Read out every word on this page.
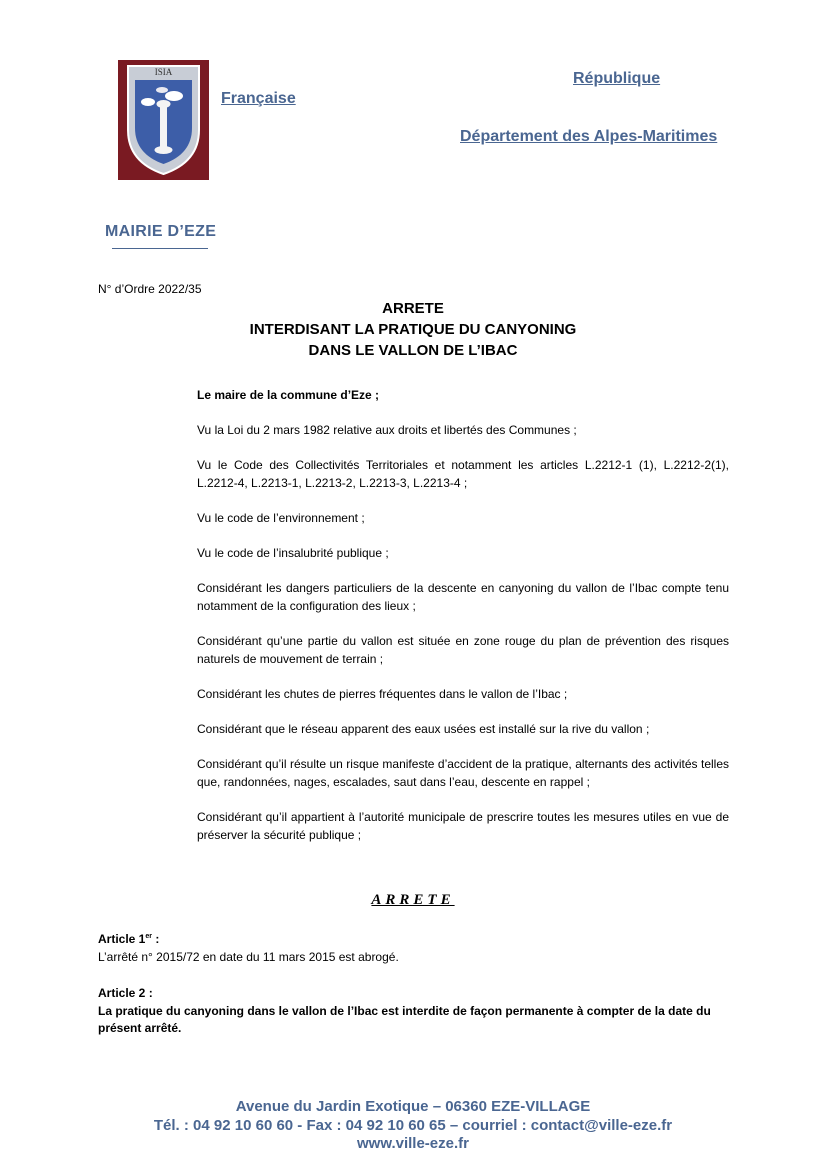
ISIA	République
Française
Département des Alpes-Maritimes
MAIRIE D’EZE
N° d’Ordre 2022/35
ARRETE
INTERDISANT LA PRATIQUE DU CANYONING
DANS LE VALLON DE L’IBAC

Le maire de la commune d’Eze ;

Vu la Loi du 2 mars 1982 relative aux droits et libertés des Communes ;

Vu le Code des Collectivités Territoriales et notamment les articles L.2212-1 (1), L.2212-2(1), L.2212-4, L.2213-1, L.2213-2, L.2213-3, L.2213-4 ;

Vu le code de l’environnement ;

Vu le code de l’insalubrité publique ;

Considérant les dangers particuliers de la descente en canyoning du vallon de l’Ibac compte tenu notamment de la configuration des lieux ;

Considérant qu’une partie du vallon est située en zone rouge du plan de prévention des risques naturels de mouvement de terrain ;

Considérant les chutes de pierres fréquentes dans le vallon de l’Ibac ;

Considérant que le réseau apparent des eaux usées est installé sur la rive du vallon ;

Considérant qu’il résulte un risque manifeste d’accident de la pratique, alternants des activités telles que, randonnées, nages, escalades, saut dans l’eau, descente en rappel ;

Considérant qu’il appartient à l’autorité municipale de prescrire toutes les mesures utiles en vue de préserver la sécurité publique ;

ARRETE
Article 1er :
L’arrêté n° 2015/72 en date du 11 mars 2015 est abrogé.
Article 2 :
La pratique du canyoning dans le vallon de l’Ibac est interdite de façon permanente à compter de la date du présent arrêté.
Avenue du Jardin Exotique – 06360 EZE-VILLAGE
Tél. : 04 92 10 60 60 - Fax : 04 92 10 60 65 – courriel : contact@ville-eze.fr
www.ville-eze.fr
